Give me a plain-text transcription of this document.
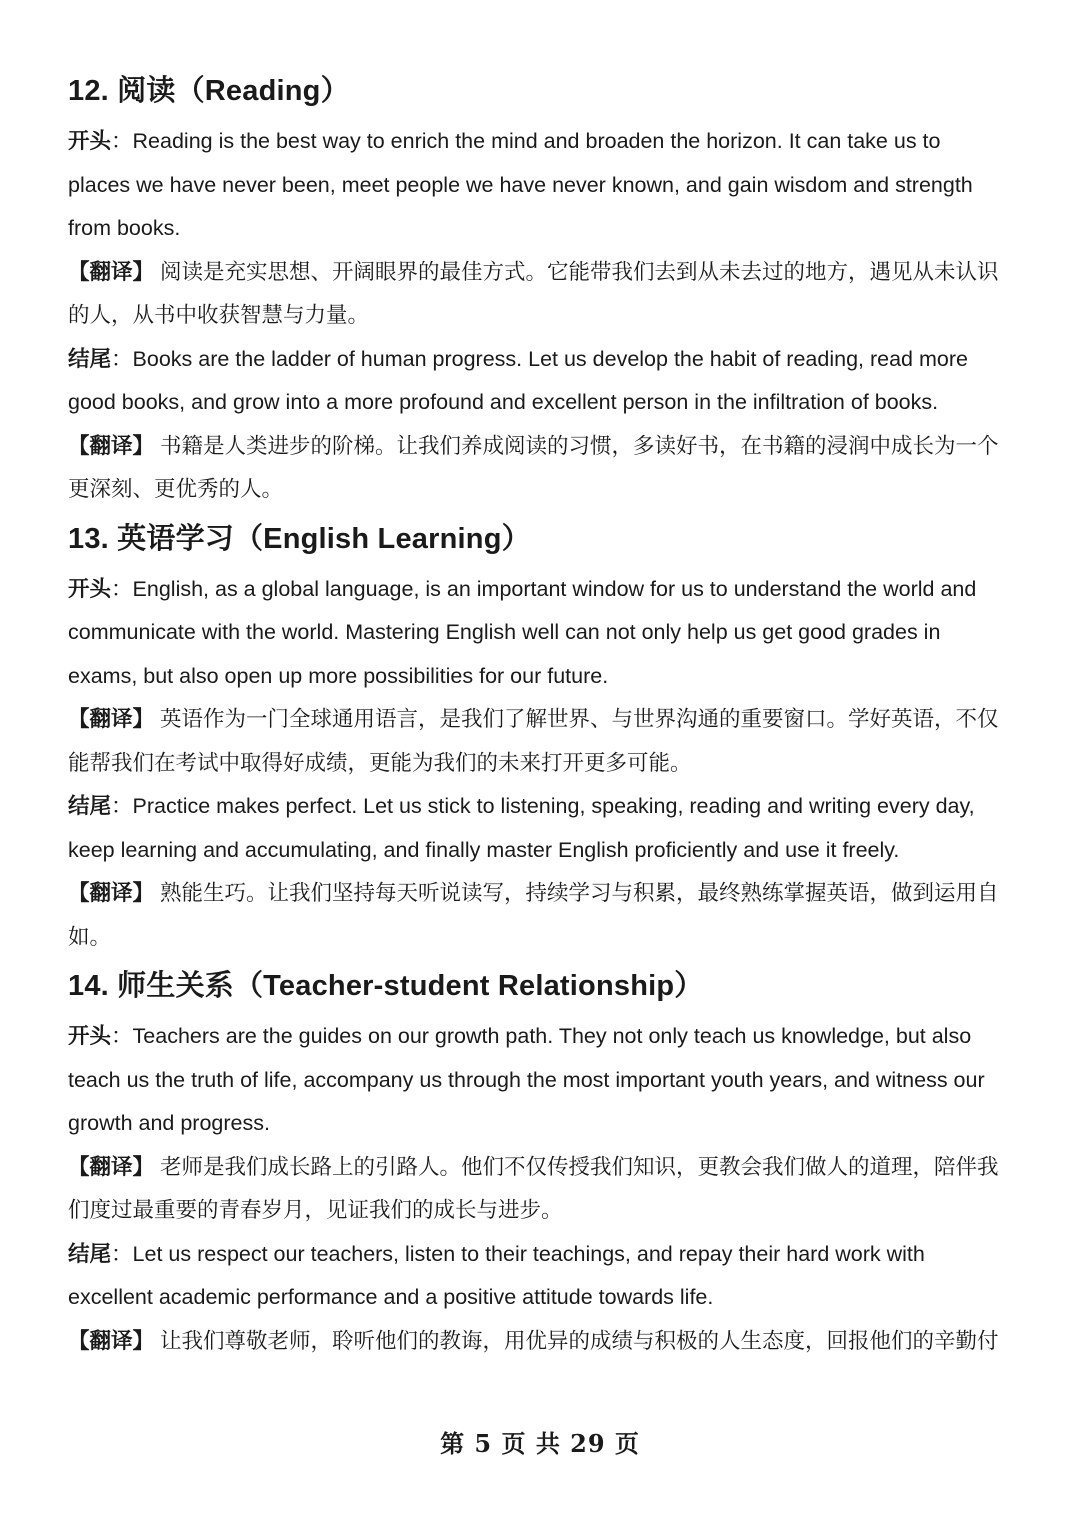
12. 阅读（Reading）

开头：Reading is the best way to enrich the mind and broaden the horizon. It can take us to places we have never been, meet people we have never known, and gain wisdom and strength from books.

【翻译】 阅读是充实思想、开阔眼界的最佳方式。它能带我们去到从未去过的地方，遇见从未认识的人，从书中收获智慧与力量。

结尾：Books are the ladder of human progress. Let us develop the habit of reading, read more good books, and grow into a more profound and excellent person in the infiltration of books.

【翻译】 书籍是人类进步的阶梯。让我们养成阅读的习惯，多读好书，在书籍的浸润中成长为一个更深刻、更优秀的人。

13. 英语学习（English Learning）

开头：English, as a global language, is an important window for us to understand the world and communicate with the world. Mastering English well can not only help us get good grades in exams, but also open up more possibilities for our future.

【翻译】 英语作为一门全球通用语言，是我们了解世界、与世界沟通的重要窗口。学好英语，不仅能帮我们在考试中取得好成绩，更能为我们的未来打开更多可能。

结尾：Practice makes perfect. Let us stick to listening, speaking, reading and writing every day, keep learning and accumulating, and finally master English proficiently and use it freely.

【翻译】 熟能生巧。让我们坚持每天听说读写，持续学习与积累，最终熟练掌握英语，做到运用自如。

14. 师生关系（Teacher-student Relationship）

开头：Teachers are the guides on our growth path. They not only teach us knowledge, but also teach us the truth of life, accompany us through the most important youth years, and witness our growth and progress.

【翻译】 老师是我们成长路上的引路人。他们不仅传授我们知识，更教会我们做人的道理，陪伴我们度过最重要的青春岁月，见证我们的成长与进步。

结尾：Let us respect our teachers, listen to their teachings, and repay their hard work with excellent academic performance and a positive attitude towards life.

【翻译】 让我们尊敬老师，聆听他们的教诲，用优异的成绩与积极的人生态度，回报他们的辛勤付

第 5 页 共 29 页
